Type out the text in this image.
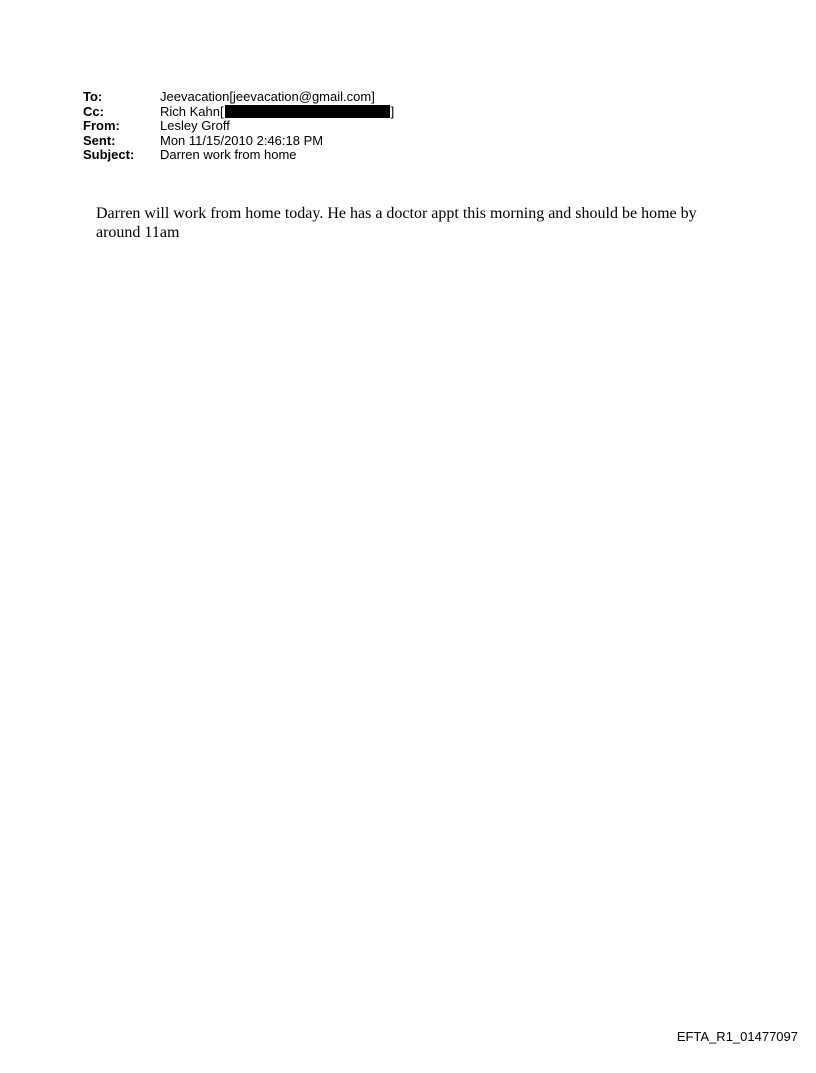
To:	Jeevacation[jeevacation@gmail.com]
Cc:	Rich Kahn[	]
From:	Lesley Groff
Sent:	Mon 11/15/2010 2:46:18 PM
Subject:	Darren work from home

Darren will work from home today. He has a doctor appt this morning and should be home by around 11am

EFTA_R1_01477097
